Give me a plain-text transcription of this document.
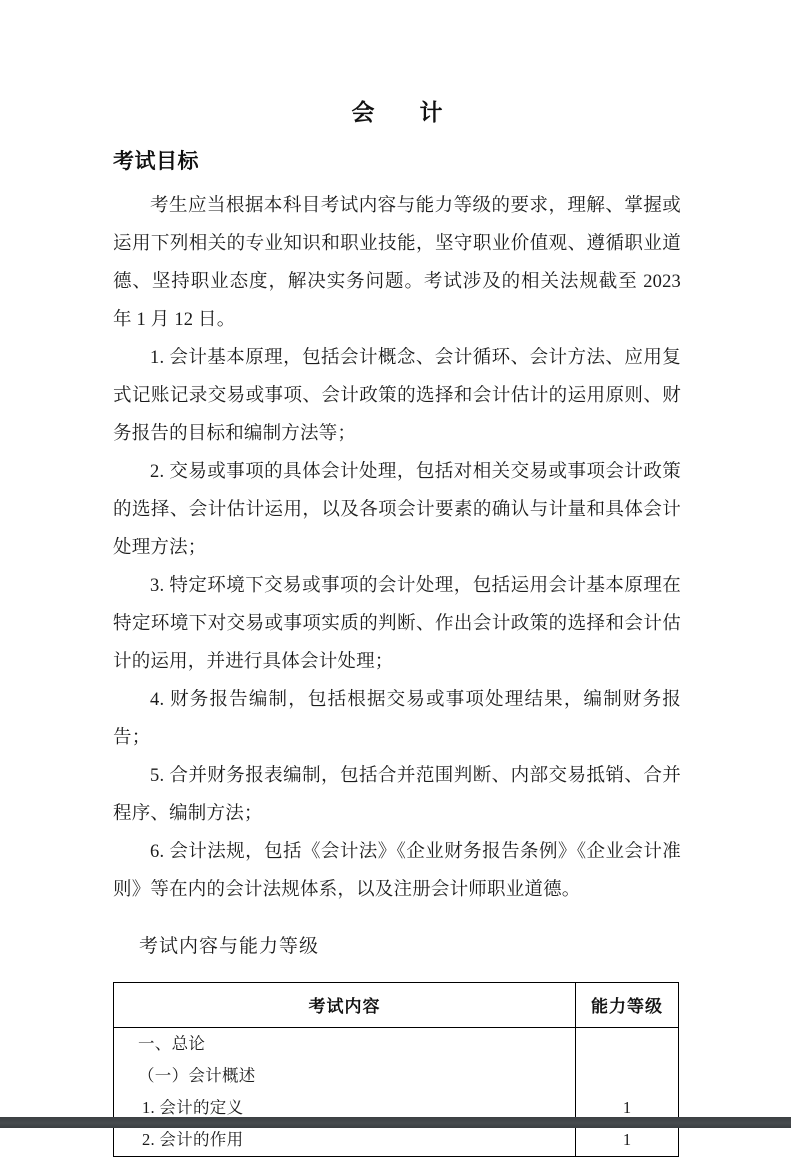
会　计
考试目标

考生应当根据本科目考试内容与能力等级的要求，理解、掌握或运用下列相关的专业知识和职业技能，坚守职业价值观、遵循职业道德、坚持职业态度，解决实务问题。考试涉及的相关法规截至 2023 年 1 月 12 日。

1. 会计基本原理，包括会计概念、会计循环、会计方法、应用复式记账记录交易或事项、会计政策的选择和会计估计的运用原则、财务报告的目标和编制方法等；

2. 交易或事项的具体会计处理，包括对相关交易或事项会计政策的选择、会计估计运用，以及各项会计要素的确认与计量和具体会计处理方法；

3. 特定环境下交易或事项的会计处理，包括运用会计基本原理在特定环境下对交易或事项实质的判断、作出会计政策的选择和会计估计的运用，并进行具体会计处理；

4. 财务报告编制，包括根据交易或事项处理结果，编制财务报告；

5. 合并财务报表编制，包括合并范围判断、内部交易抵销、合并程序、编制方法；

6. 会计法规，包括《会计法》《企业财务报告条例》《企业会计准则》等在内的会计法规体系，以及注册会计师职业道德。

考试内容与能力等级
考试内容	能力等级
一、总论	
（一）会计概述	
1. 会计的定义	1
2. 会计的作用	1
